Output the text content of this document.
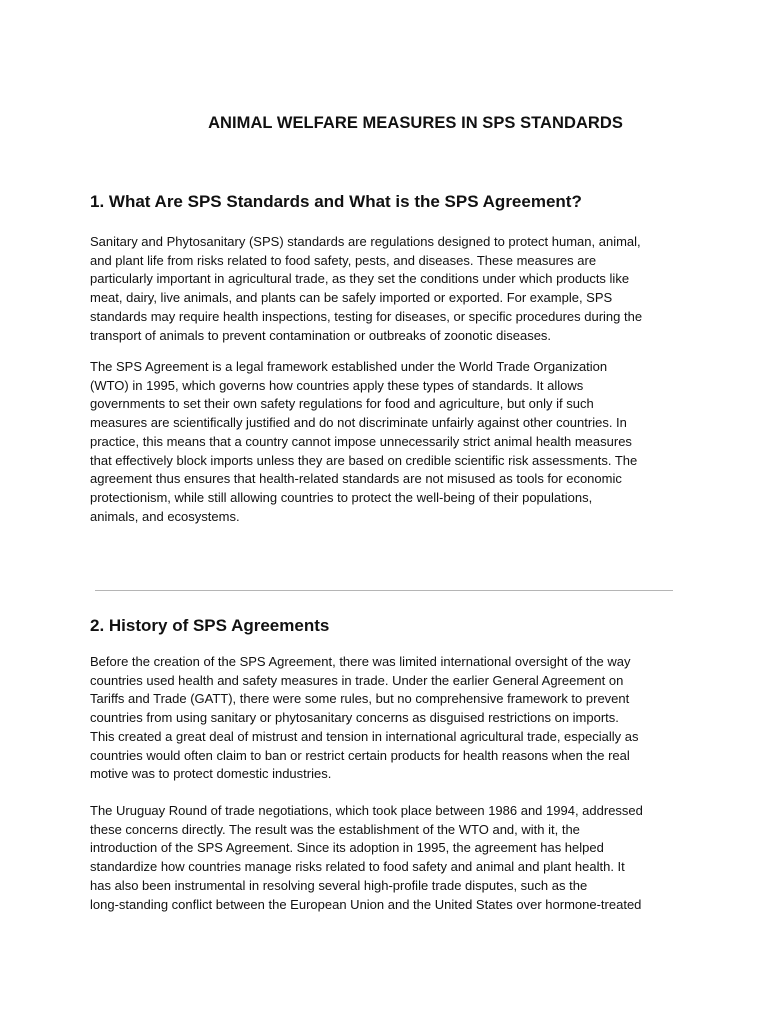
ANIMAL WELFARE MEASURES IN SPS STANDARDS
1. What Are SPS Standards and What is the SPS Agreement?

Sanitary and Phytosanitary (SPS) standards are regulations designed to protect human, animal,
and plant life from risks related to food safety, pests, and diseases. These measures are
particularly important in agricultural trade, as they set the conditions under which products like
meat, dairy, live animals, and plants can be safely imported or exported. For example, SPS
standards may require health inspections, testing for diseases, or specific procedures during the
transport of animals to prevent contamination or outbreaks of zoonotic diseases.

The SPS Agreement is a legal framework established under the World Trade Organization
(WTO) in 1995, which governs how countries apply these types of standards. It allows
governments to set their own safety regulations for food and agriculture, but only if such
measures are scientifically justified and do not discriminate unfairly against other countries. In
practice, this means that a country cannot impose unnecessarily strict animal health measures
that effectively block imports unless they are based on credible scientific risk assessments. The
agreement thus ensures that health-related standards are not misused as tools for economic
protectionism, while still allowing countries to protect the well-being of their populations,
animals, and ecosystems.

2. History of SPS Agreements

Before the creation of the SPS Agreement, there was limited international oversight of the way
countries used health and safety measures in trade. Under the earlier General Agreement on
Tariffs and Trade (GATT), there were some rules, but no comprehensive framework to prevent
countries from using sanitary or phytosanitary concerns as disguised restrictions on imports.
This created a great deal of mistrust and tension in international agricultural trade, especially as
countries would often claim to ban or restrict certain products for health reasons when the real
motive was to protect domestic industries.

The Uruguay Round of trade negotiations, which took place between 1986 and 1994, addressed
these concerns directly. The result was the establishment of the WTO and, with it, the
introduction of the SPS Agreement. Since its adoption in 1995, the agreement has helped
standardize how countries manage risks related to food safety and animal and plant health. It
has also been instrumental in resolving several high-profile trade disputes, such as the
long-standing conflict between the European Union and the United States over hormone-treated
